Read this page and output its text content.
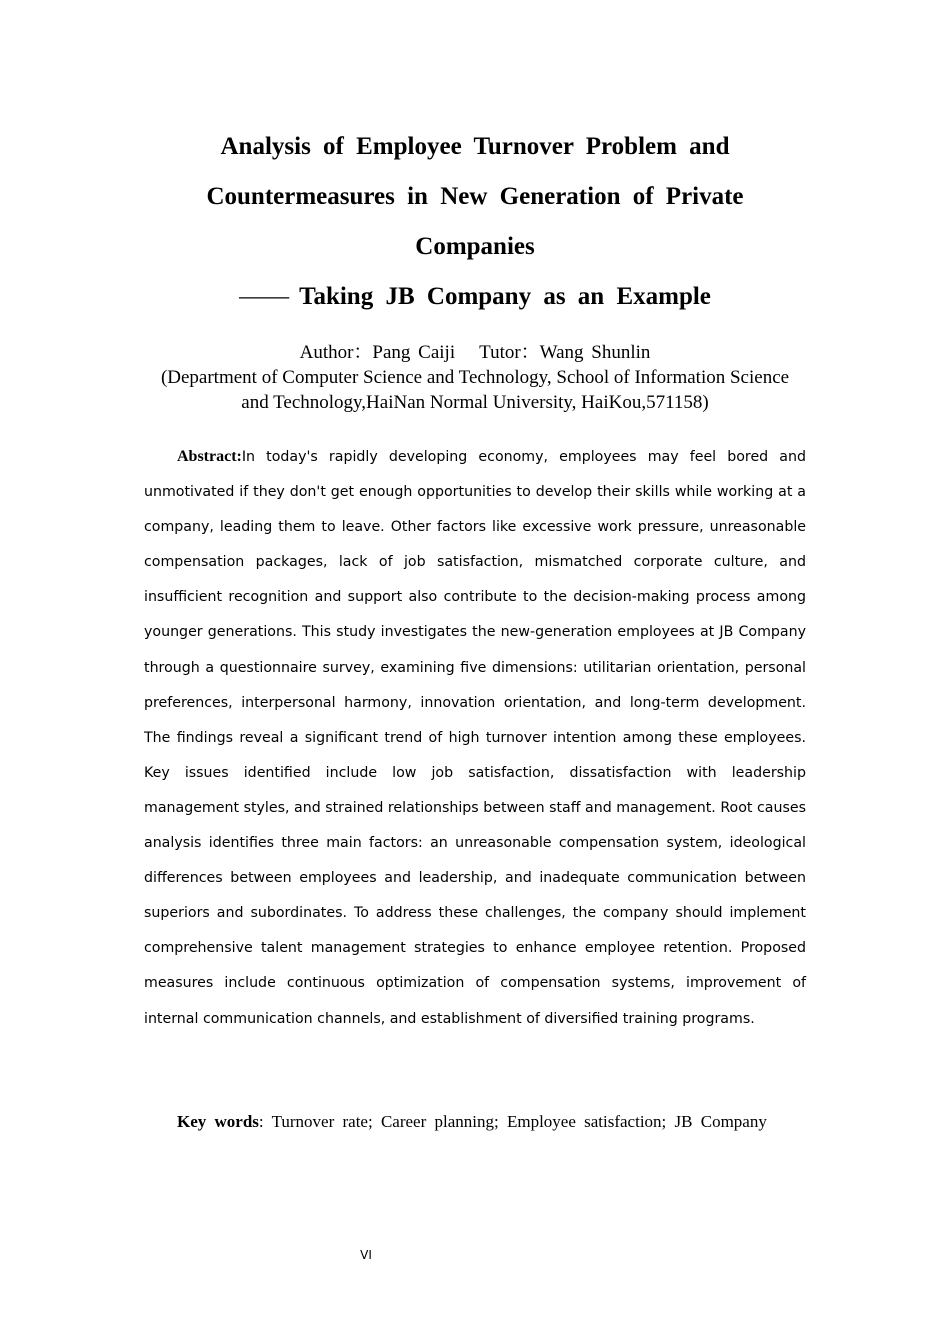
Analysis of Employee Turnover Problem and
Countermeasures in New Generation of Private
Companies
—— Taking JB Company as an Example
Author：Pang Caiji Tutor：Wang Shunlin
(Department of Computer Science and Technology, School of Information Science
and Technology,HaiNan Normal University, HaiKou,571158)

Abstract:In today's rapidly developing economy, employees may feel bored and unmotivated if they don't get enough opportunities to develop their skills while working at a company, leading them to leave. Other factors like excessive work pressure, unreasonable compensation packages, lack of job satisfaction, mismatched corporate culture, and insufficient recognition and support also contribute to the decision-making process among younger generations. This study investigates the new-generation employees at JB Company through a questionnaire survey, examining five dimensions: utilitarian orientation, personal preferences, interpersonal harmony, innovation orientation, and long-term development. The findings reveal a significant trend of high turnover intention among these employees. Key issues identified include low job satisfaction, dissatisfaction with leadership management styles, and strained relationships between staff and management. Root causes analysis identifies three main factors: an unreasonable compensation system, ideological differences between employees and leadership, and inadequate communication between superiors and subordinates. To address these challenges, the company should implement comprehensive talent management strategies to enhance employee retention. Proposed measures include continuous optimization of compensation systems, improvement of internal communication channels, and establishment of diversified training programs.

Key words: Turnover rate; Career planning; Employee satisfaction; JB Company
VI
